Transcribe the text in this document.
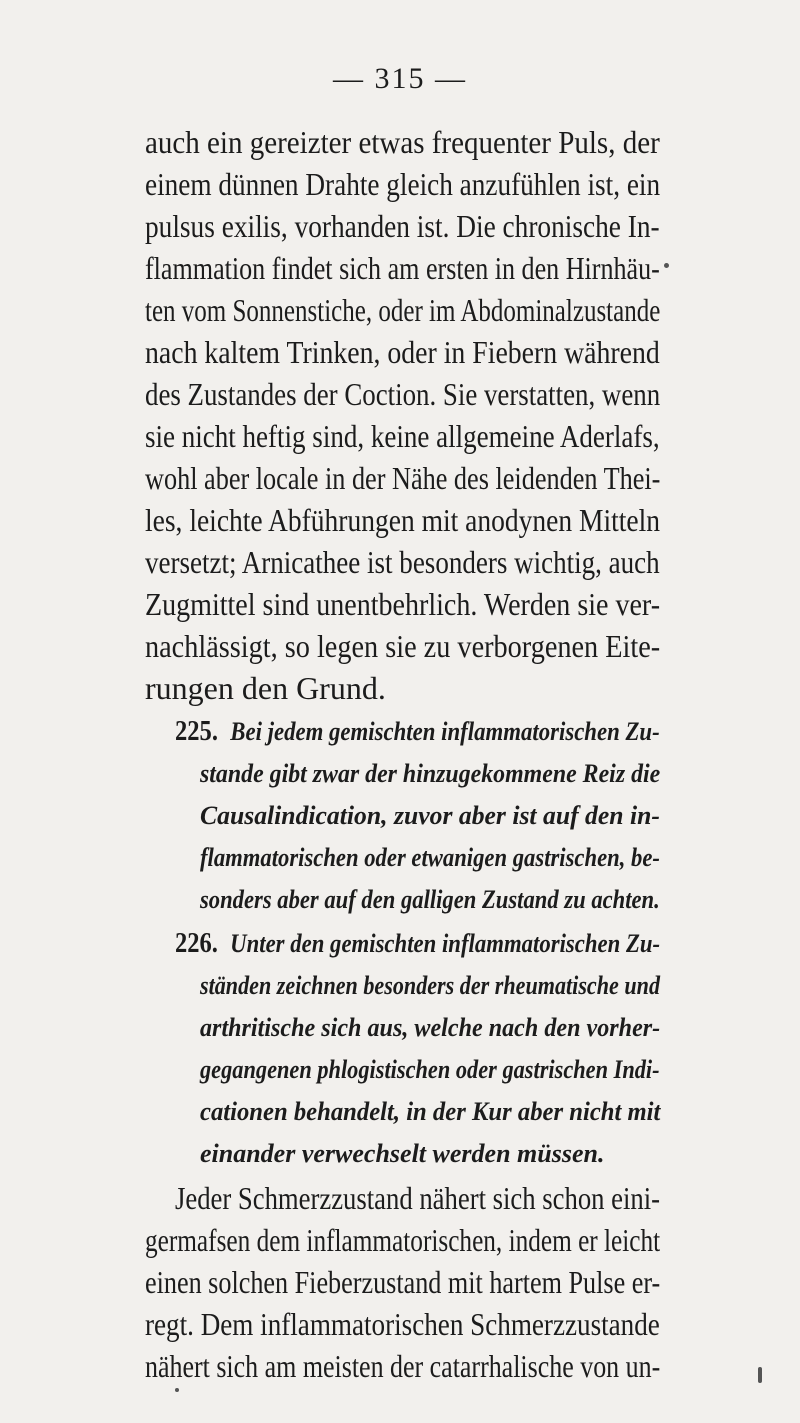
— 315 —
auch ein gereizter etwas frequenter Puls, der
einem dünnen Drahte gleich anzufühlen ist, ein
pulsus exilis, vorhanden ist. Die chronische In-
flammation findet sich am ersten in den Hirnhäu-
ten vom Sonnenstiche, oder im Abdominalzustande
nach kaltem Trinken, oder in Fiebern während
des Zustandes der Coction. Sie verstatten, wenn
sie nicht heftig sind, keine allgemeine Aderlafs,
wohl aber locale in der Nähe des leidenden Thei-
les, leichte Abführungen mit anodynen Mitteln
versetzt; Arnicathee ist besonders wichtig, auch
Zugmittel sind unentbehrlich. Werden sie ver-
nachlässigt, so legen sie zu verborgenen Eite-
rungen den Grund.
225. Bei jedem gemischten inflammatorischen Zu-
stande gibt zwar der hinzugekommene Reiz die
Causalindication, zuvor aber ist auf den in-
flammatorischen oder etwanigen gastrischen, be-
sonders aber auf den galligen Zustand zu achten.
226. Unter den gemischten inflammatorischen Zu-
ständen zeichnen besonders der rheumatische und
arthritische sich aus, welche nach den vorher-
gegangenen phlogistischen oder gastrischen Indi-
cationen behandelt, in der Kur aber nicht mit
einander verwechselt werden müssen.
Jeder Schmerzzustand nähert sich schon eini-
germafsen dem inflammatorischen, indem er leicht
einen solchen Fieberzustand mit hartem Pulse er-
regt. Dem inflammatorischen Schmerzzustande
nähert sich am meisten der catarrhalische von un-
